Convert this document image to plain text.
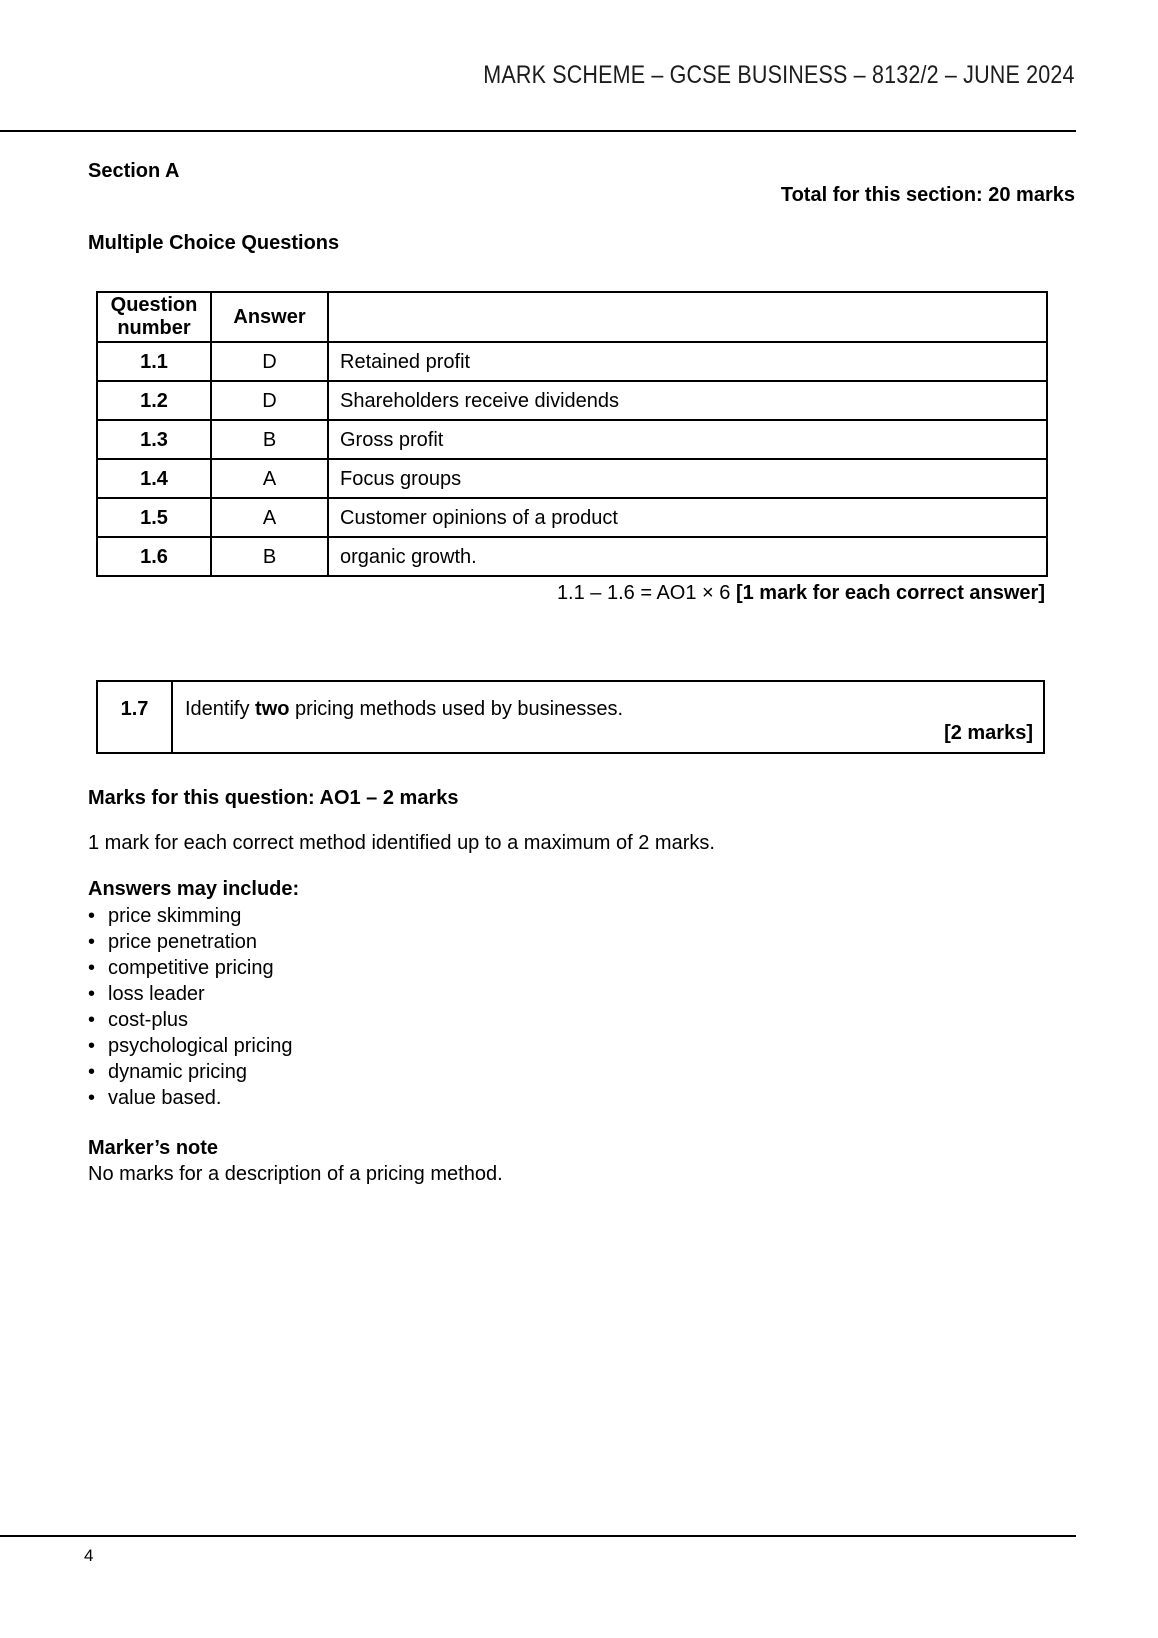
MARK SCHEME – GCSE BUSINESS – 8132/2 – JUNE 2024
Section A
Total for this section: 20 marks
Multiple Choice Questions
Question number	Answer	
1.1	D	Retained profit
1.2	D	Shareholders receive dividends
1.3	B	Gross profit
1.4	A	Focus groups
1.5	A	Customer opinions of a product
1.6	B	organic growth.
1.1 – 1.6 = AO1 × 6 [1 mark for each correct answer]
1.7	Identify two pricing methods used by businesses.
[2 marks]
Marks for this question: AO1 – 2 marks
1 mark for each correct method identified up to a maximum of 2 marks.
Answers may include:
• price skimming
• price penetration
• competitive pricing
• loss leader
• cost-plus
• psychological pricing
• dynamic pricing
• value based.
Marker’s note
No marks for a description of a pricing method.
4
